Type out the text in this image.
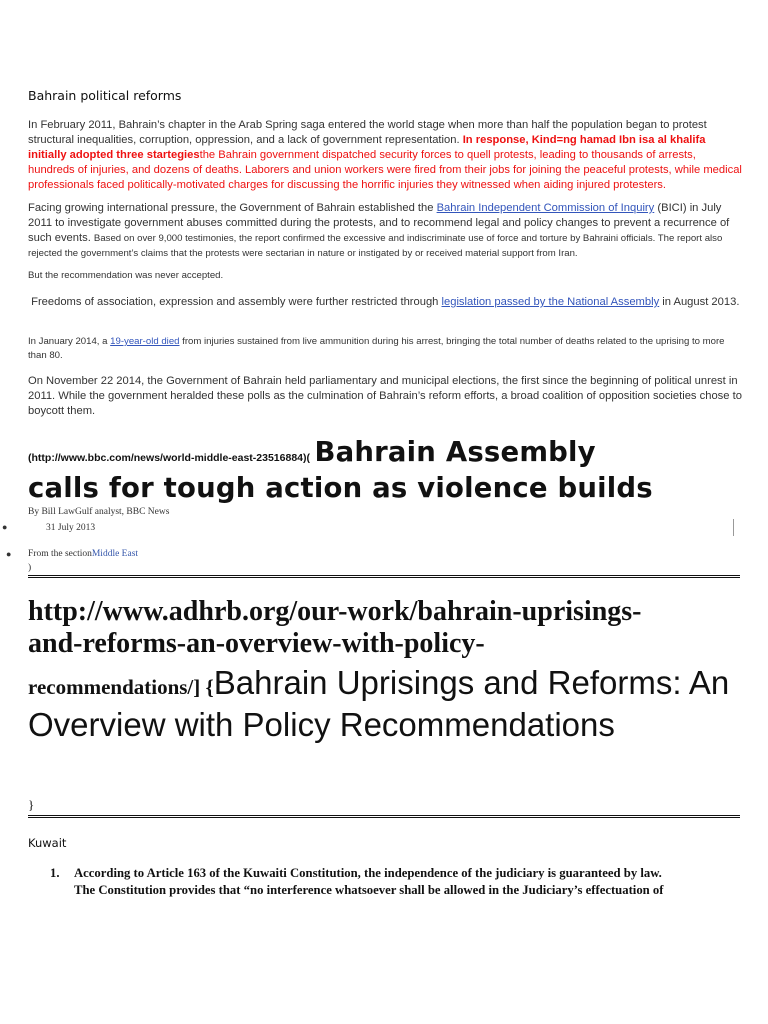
Bahrain political reforms
In February 2011, Bahrain’s chapter in the Arab Spring saga entered the world stage when more than half the population began to protest structural inequalities, corruption, oppression, and a lack of government representation. In response, Kind=ng hamad Ibn isa al khalifa initially adopted three startegiesthe Bahrain government dispatched security forces to quell protests, leading to thousands of arrests, hundreds of injuries, and dozens of deaths. Laborers and union workers were fired from their jobs for joining the peaceful protests, while medical professionals faced politically-motivated charges for discussing the horrific injuries they witnessed when aiding injured protesters.
Facing growing international pressure, the Government of Bahrain established the Bahrain Independent Commission of Inquiry (BICI) in July 2011 to investigate government abuses committed during the protests, and to recommend legal and policy changes to prevent a recurrence of such events. Based on over 9,000 testimonies, the report confirmed the excessive and indiscriminate use of force and torture by Bahraini officials. The report also rejected the government’s claims that the protests were sectarian in nature or instigated by or received material support from Iran.
But the recommendation was never accepted.
Freedoms of association, expression and assembly were further restricted through legislation passed by the National Assembly in August 2013.
In January 2014, a 19-year-old died from injuries sustained from live ammunition during his arrest, bringing the total number of deaths related to the uprising to more than 80.
On November 22 2014, the Government of Bahrain held parliamentary and municipal elections, the first since the beginning of political unrest in 2011. While the government heralded these polls as the culmination of Bahrain’s reform efforts, a broad coalition of opposition societies chose to boycott them.
(http://www.bbc.com/news/world-middle-east-23516884)( Bahrain Assembly
calls for tough action as violence builds
By Bill LawGulf analyst, BBC News
●	31 July 2013
● From the sectionMiddle East
)
http://www.adhrb.org/our-work/bahrain-uprisings-
and-reforms-an-overview-with-policy-
recommendations/] {Bahrain Uprisings and Reforms: An Overview with Policy Recommendations
}
Kuwait
1. According to Article 163 of the Kuwaiti Constitution, the independence of the judiciary is guaranteed by law.
The Constitution provides that “no interference whatsoever shall be allowed in the Judiciary’s effectuation of
